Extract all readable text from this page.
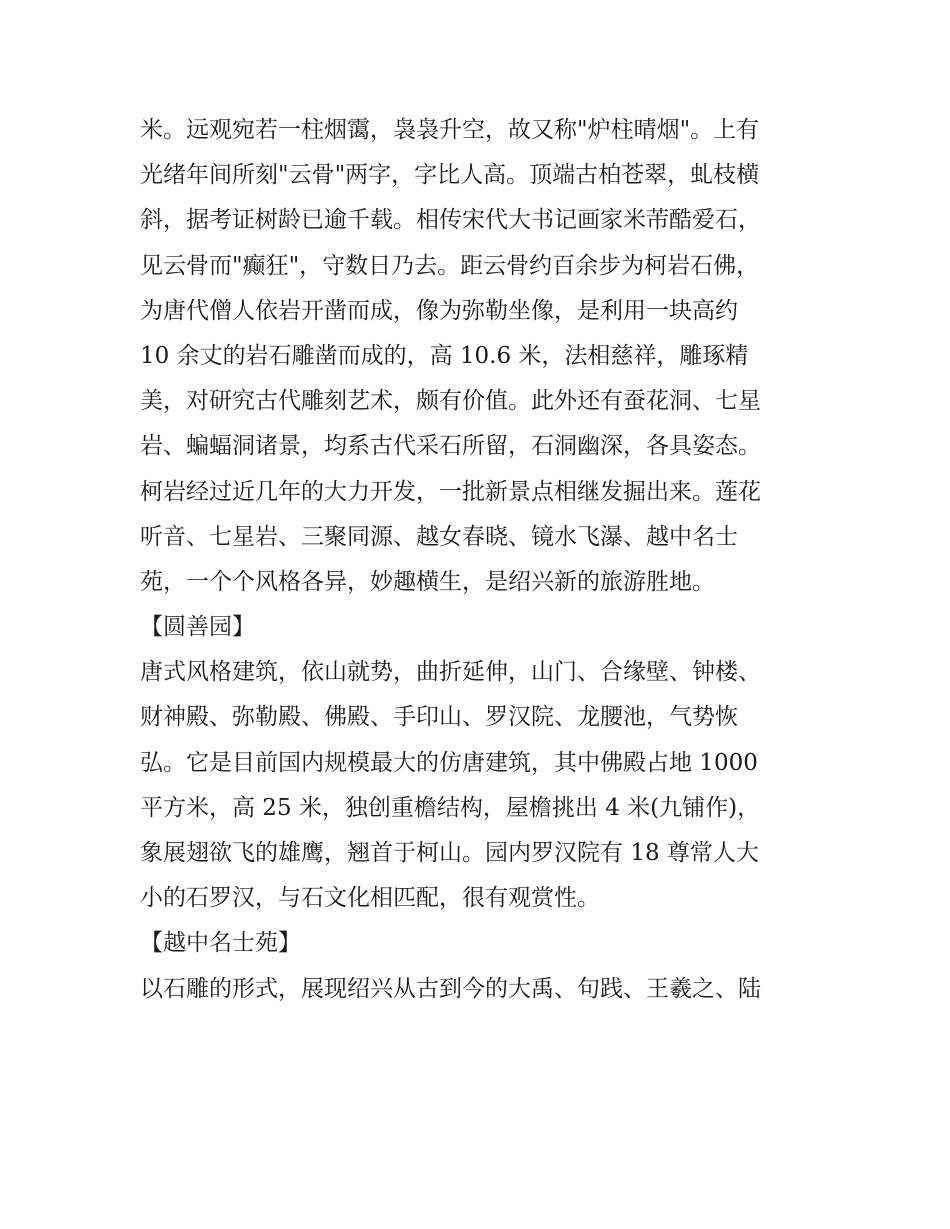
米。远观宛若一柱烟霭，袅袅升空，故又称"炉柱晴烟"。上有
光绪年间所刻"云骨"两字，字比人高。顶端古柏苍翠，虬枝横
斜，据考证树龄已逾千载。相传宋代大书记画家米芾酷爱石，
见云骨而"癫狂"，守数日乃去。距云骨约百余步为柯岩石佛，
为唐代僧人依岩开凿而成，像为弥勒坐像，是利用一块高约
10 余丈的岩石雕凿而成的，高 10.6 米，法相慈祥，雕琢精
美，对研究古代雕刻艺术，颇有价值。此外还有蚕花洞、七星
岩、蝙蝠洞诸景，均系古代采石所留，石洞幽深，各具姿态。
柯岩经过近几年的大力开发，一批新景点相继发掘出来。莲花
听音、七星岩、三聚同源、越女春晓、镜水飞瀑、越中名士
苑，一个个风格各异，妙趣横生，是绍兴新的旅游胜地。
【圆善园】
唐式风格建筑，依山就势，曲折延伸，山门、合缘壁、钟楼、
财神殿、弥勒殿、佛殿、手印山、罗汉院、龙腰池，气势恢
弘。它是目前国内规模最大的仿唐建筑，其中佛殿占地 1000
平方米，高 25 米，独创重檐结构，屋檐挑出 4 米(九铺作)，
象展翅欲飞的雄鹰，翘首于柯山。园内罗汉院有 18 尊常人大
小的石罗汉，与石文化相匹配，很有观赏性。
【越中名士苑】
以石雕的形式，展现绍兴从古到今的大禹、句践、王羲之、陆
